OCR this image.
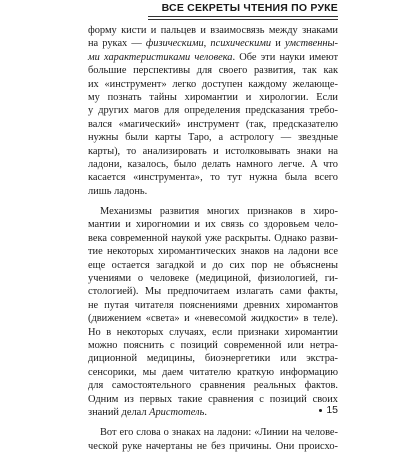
ВСЕ СЕКРЕТЫ ЧТЕНИЯ ПО РУКЕ
форму кисти и пальцев и взаимосвязь между знаками
на руках — физическими, психическими и умственны-
ми характеристиками человека. Обе эти науки имеют
большие перспективы для своего развития, так как
их «инструмент» легко доступен каждому желающе-
му познать тайны хиромантии и хирологии. Если
у других магов для определения предсказания требо-
вался «магический» инструмент (так, предсказателю
нужны были карты Таро, а астрологу — звездные
карты), то анализировать и истолковывать знаки на
ладони, казалось, было делать намного легче. А что
касается «инструмента», то тут нужна была всего
лишь ладонь.
Механизмы развития многих признаков в хиро-
мантии и хирогномии и их связь со здоровьем чело-
века современной наукой уже раскрыты. Однако разви-
тие некоторых хиромантических знаков на ладони все
еще остается загадкой и до сих пор не объяснены
учениями о человеке (медициной, физиологией, ги-
стологией). Мы предпочитаем излагать сами факты,
не путая читателя пояснениями древних хиромантов
(движением «света» и «невесомой жидкости» в теле).
Но в некоторых случаях, если признаки хиромантии
можно пояснить с позиций современной или нетра-
диционной медицины, биоэнергетики или экстра-
сенсорики, мы даем читателю краткую информацию
для самостоятельного сравнения реальных фактов.
Одним из первых такие сравнения с позиций своих
знаний делал Аристотель.
Вот его слова о знаках на ладони: «Линии на челове-
ческой руке начертаны не без причины. Они происхо-
15
